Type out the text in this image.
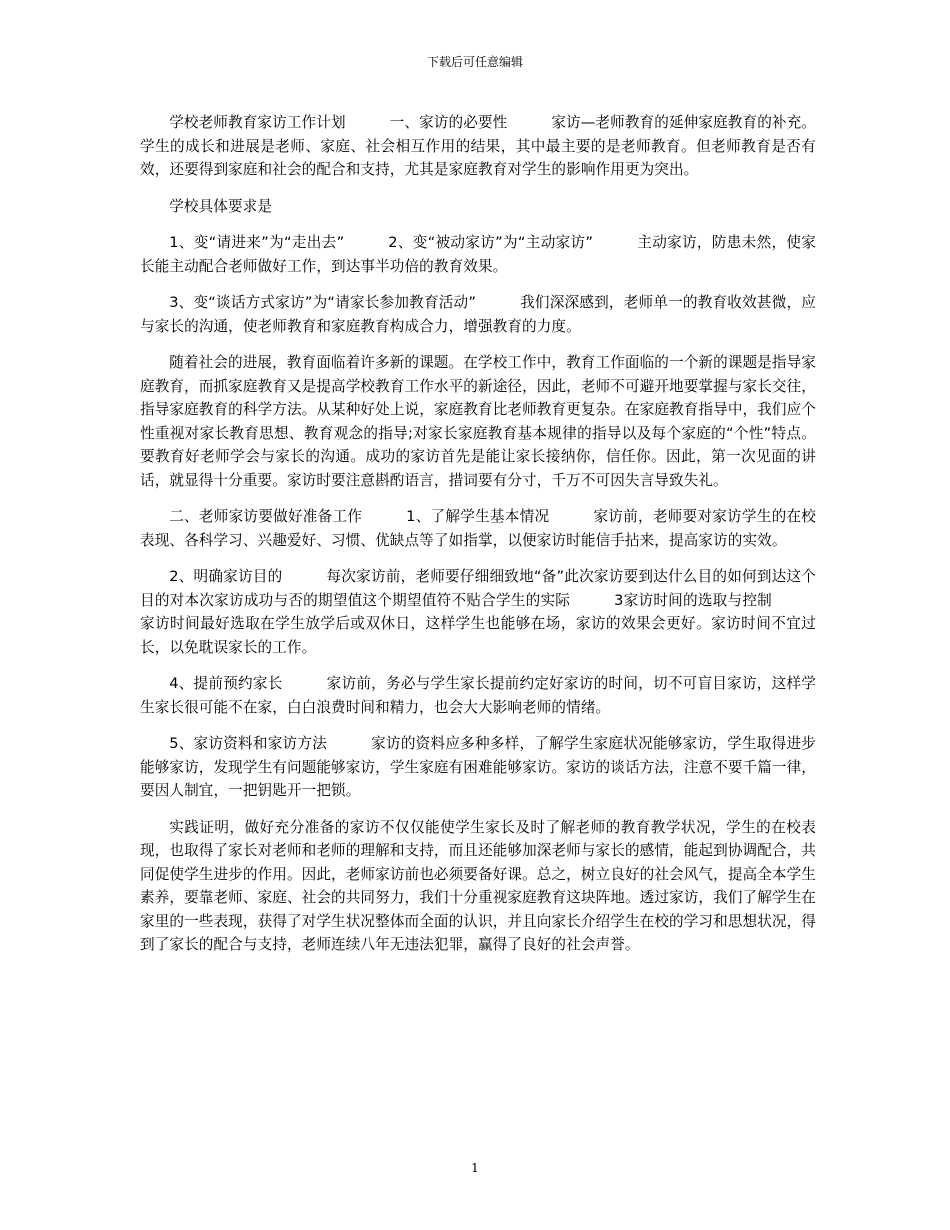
下载后可任意编辑

学校老师教育家访工作计划	一、家访的必要性	家访—老师教育的延伸家庭教育的补充。学生的成长和进展是老师、家庭、社会相互作用的结果，其中最主要的是老师教育。但老师教育是否有效，还要得到家庭和社会的配合和支持，尤其是家庭教育对学生的影响作用更为突出。

学校具体要求是

1、变“请进来”为“走出去”	2、变“被动家访”为“主动家访”	主动家访，防患未然，使家长能主动配合老师做好工作，到达事半功倍的教育效果。

3、变“谈话方式家访”为“请家长参加教育活动”	我们深深感到，老师单一的教育收效甚微，应与家长的沟通，使老师教育和家庭教育构成合力，增强教育的力度。

随着社会的进展，教育面临着许多新的课题。在学校工作中，教育工作面临的一个新的课题是指导家庭教育，而抓家庭教育又是提高学校教育工作水平的新途径，因此，老师不可避开地要掌握与家长交往，指导家庭教育的科学方法。从某种好处上说，家庭教育比老师教育更复杂。在家庭教育指导中，我们应个性重视对家长教育思想、教育观念的指导;对家长家庭教育基本规律的指导以及每个家庭的“个性”特点。要教育好老师学会与家长的沟通。成功的家访首先是能让家长接纳你，信任你。因此，第一次见面的讲话，就显得十分重要。家访时要注意斟酌语言，措词要有分寸，千万不可因失言导致失礼。

二、老师家访要做好准备工作	1、了解学生基本情况	家访前，老师要对家访学生的在校表现、各科学习、兴趣爱好、习惯、优缺点等了如指掌，以便家访时能信手拈来，提高家访的实效。

2、明确家访目的	每次家访前，老师要仔细细致地“备”此次家访要到达什么目的如何到达这个目的对本次家访成功与否的期望值这个期望值符不贴合学生的实际	3家访时间的选取与控制家访时间最好选取在学生放学后或双休日，这样学生也能够在场，家访的效果会更好。家访时间不宜过长，以免耽误家长的工作。

4、提前预约家长	家访前，务必与学生家长提前约定好家访的时间，切不可盲目家访，这样学生家长很可能不在家，白白浪费时间和精力，也会大大影响老师的情绪。

5、家访资料和家访方法	家访的资料应多种多样，了解学生家庭状况能够家访，学生取得进步能够家访，发现学生有问题能够家访，学生家庭有困难能够家访。家访的谈话方法，注意不要千篇一律，要因人制宜，一把钥匙开一把锁。

实践证明，做好充分准备的家访不仅仅能使学生家长及时了解老师的教育教学状况，学生的在校表现，也取得了家长对老师和老师的理解和支持，而且还能够加深老师与家长的感情，能起到协调配合，共同促使学生进步的作用。因此，老师家访前也必须要备好课。总之，树立良好的社会风气，提高全本学生素养，要靠老师、家庭、社会的共同努力，我们十分重视家庭教育这块阵地。透过家访，我们了解学生在家里的一些表现，获得了对学生状况整体而全面的认识，并且向家长介绍学生在校的学习和思想状况，得到了家长的配合与支持，老师连续八年无违法犯罪，赢得了良好的社会声誉。

1
